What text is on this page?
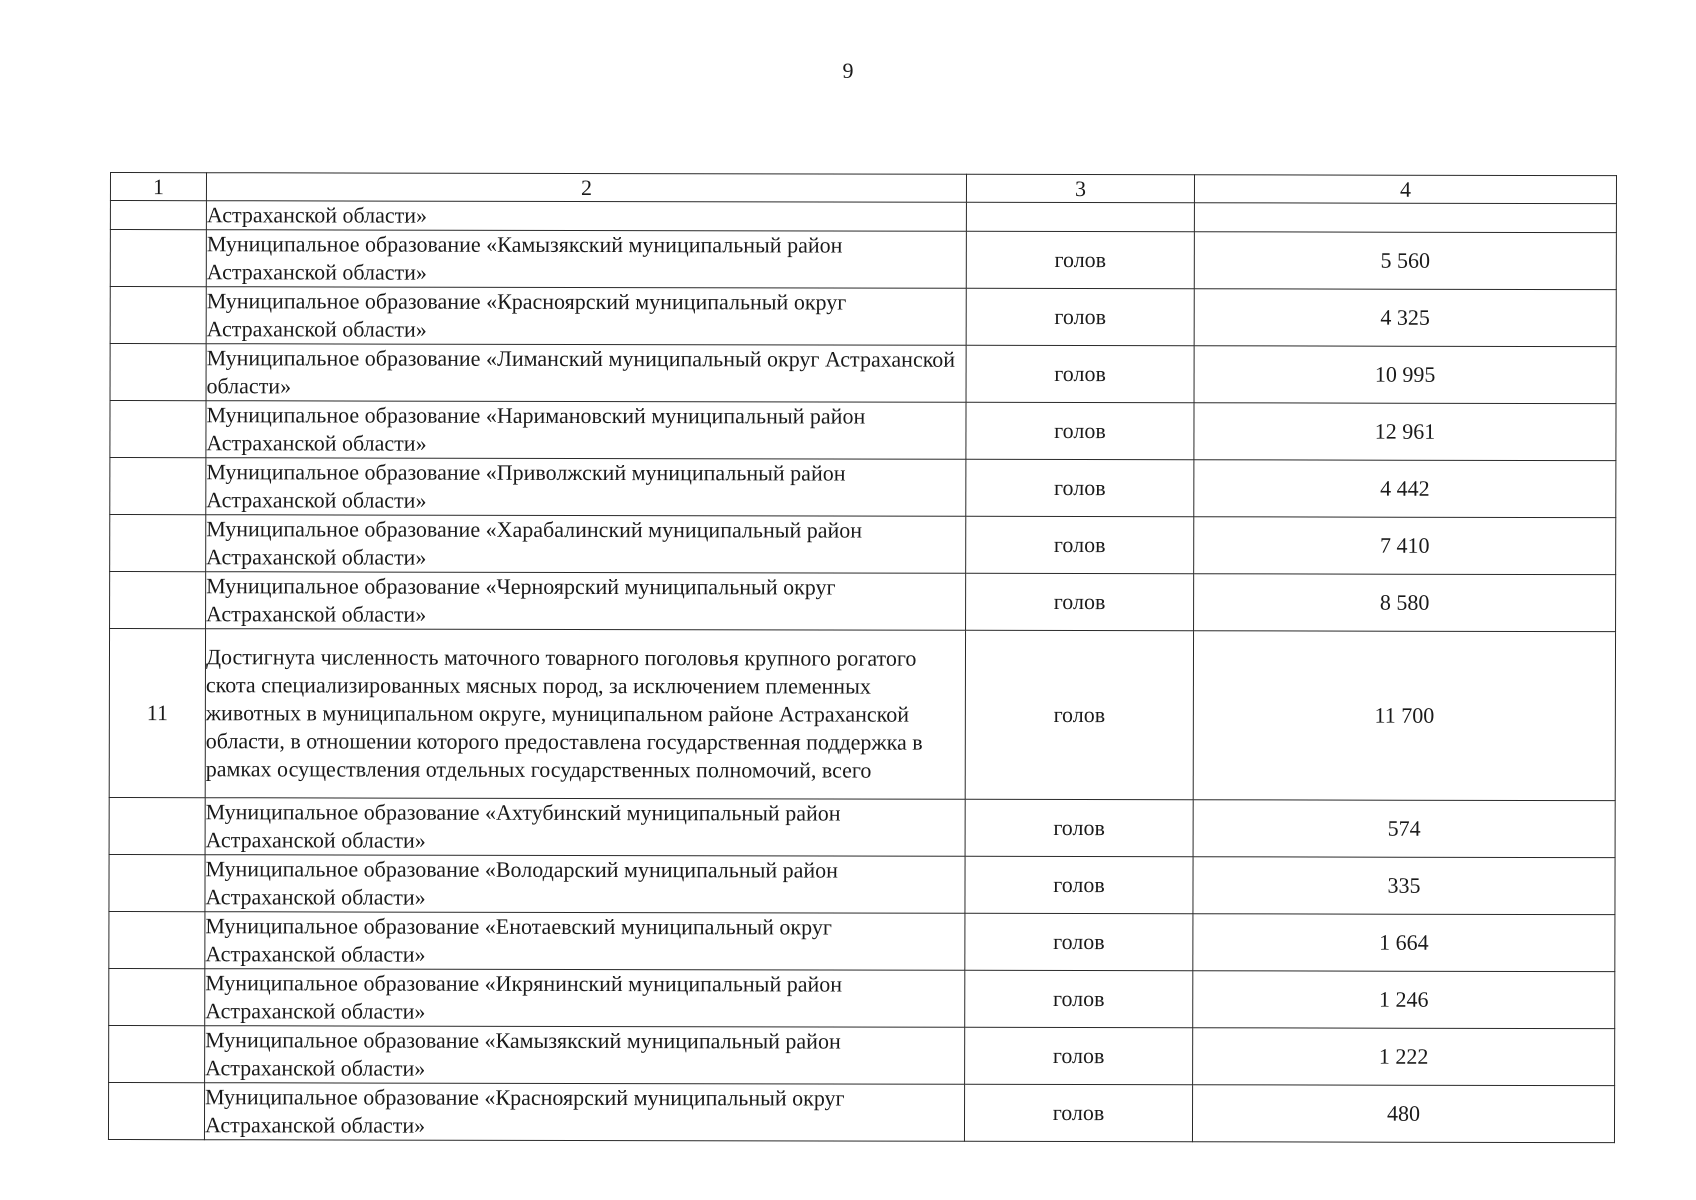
9
1	2	3	4
	Астраханской области»		
	Муниципальное образование «Камызякский муниципальный район Астраханской области»	голов	5 560
	Муниципальное образование «Красноярский муниципальный округ Астраханской области»	голов	4 325
	Муниципальное образование «Лиманский муниципальный округ Астраханской области»	голов	10 995
	Муниципальное образование «Наримановский муниципальный район Астраханской области»	голов	12 961
	Муниципальное образование «Приволжский муниципальный район Астраханской области»	голов	4 442
	Муниципальное образование «Харабалинский муниципальный район Астраханской области»	голов	7 410
	Муниципальное образование «Черноярский муниципальный округ Астраханской области»	голов	8 580
11	Достигнута численность маточного товарного поголовья крупного рогатого скота специализированных мясных пород, за исключением племенных животных в муниципальном округе, муниципальном районе Астраханской области, в отношении которого предоставлена государственная поддержка в рамках осуществления отдельных государственных полномочий, всего	голов	11 700
	Муниципальное образование «Ахтубинский муниципальный район Астраханской области»	голов	574
	Муниципальное образование «Володарский муниципальный район Астраханской области»	голов	335
	Муниципальное образование «Енотаевский муниципальный округ Астраханской области»	голов	1 664
	Муниципальное образование «Икрянинский муниципальный район Астраханской области»	голов	1 246
	Муниципальное образование «Камызякский муниципальный район Астраханской области»	голов	1 222
	Муниципальное образование «Красноярский муниципальный округ Астраханской области»	голов	480
